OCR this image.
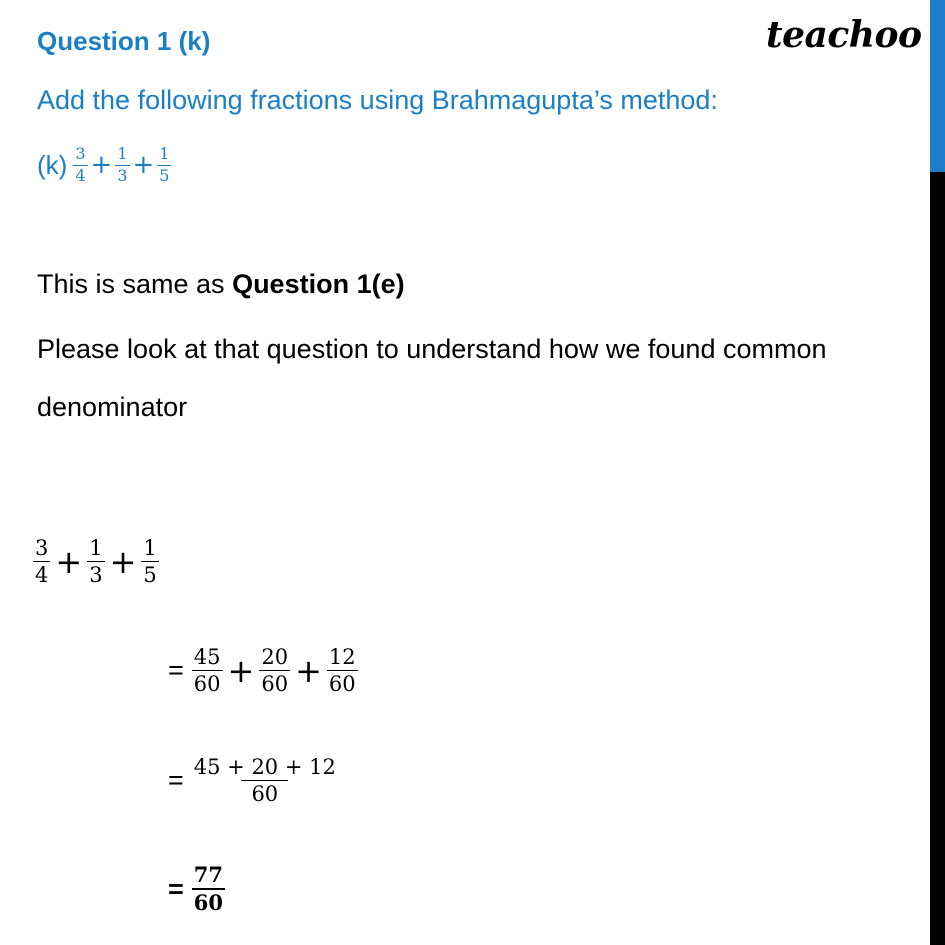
Question 1 (k)	teachoo
Add the following fractions using Brahmagupta’s method:
$(k) \frac{3}{4} + \frac{1}{3} + \frac{1}{5}$
This is same as Question 1(e)
Please look at that question to understand how we found common
denominator
$\frac{3}{4} + \frac{1}{3} + \frac{1}{5}$
= $\frac{45}{60} + \frac{20}{60} + \frac{12}{60}$
= $\frac{45 + 20 + 12}{60}$
= $\frac{77}{60}$
